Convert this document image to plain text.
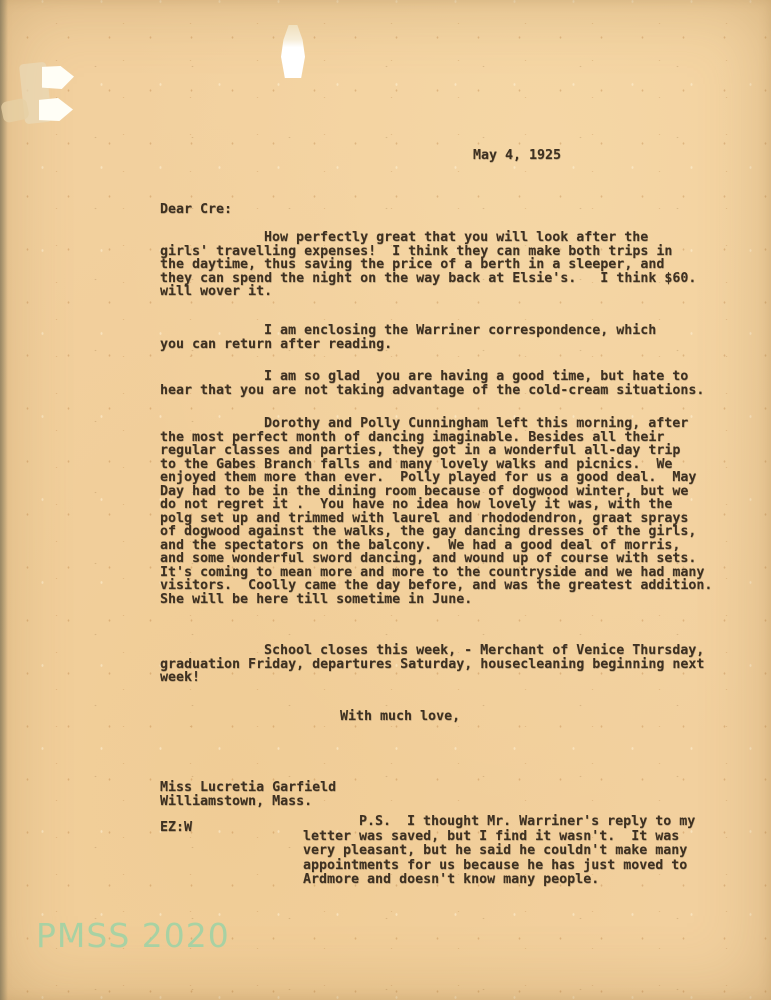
May 4, 1925
Dear Cre:
How perfectly great that you will look after the
girls' travelling expenses!  I think they can make both trips in
the daytime, thus saving the price of a berth in a sleeper, and
they can spend the night on the way back at Elsie's.   I think $60.
will wover it.
I am enclosing the Warriner correspondence, which
you can return after reading.
I am so glad  you are having a good time, but hate to
hear that you are not taking advantage of the cold-cream situations.
Dorothy and Polly Cunningham left this morning, after
the most perfect month of dancing imaginable. Besides all their
regular classes and parties, they got in a wonderful all-day trip
to the Gabes Branch falls and many lovely walks and picnics.  We
enjoyed them more than ever.  Polly played for us a good deal.  May
Day had to be in the dining room because of dogwood winter, but we
do not regret it .  You have no idea how lovely it was, with the
polg set up and trimmed with laurel and rhododendron, graat sprays
of dogwood against the walks, the gay dancing dresses of the girls,
and the spectators on the balcony.  We had a good deal of morris,
and some wonderful sword dancing, and wound up of course with sets.
It's coming to mean more and more to the countryside and we had many
visitors.  Coolly came the day before, and was the greatest addition.
She will be here till sometime in June.
School closes this week, - Merchant of Venice Thursday,
graduation Friday, departures Saturday, housecleaning beginning next
week!
With much love,
Miss Lucretia Garfield
Williamstown, Mass.
EZ:W	P.S.  I thought Mr. Warriner's reply to my
letter was saved, but I find it wasn't.  It was
very pleasant, but he said he couldn't make many
appointments for us because he has just moved to
Ardmore and doesn't know many people.
PMSS 2020
